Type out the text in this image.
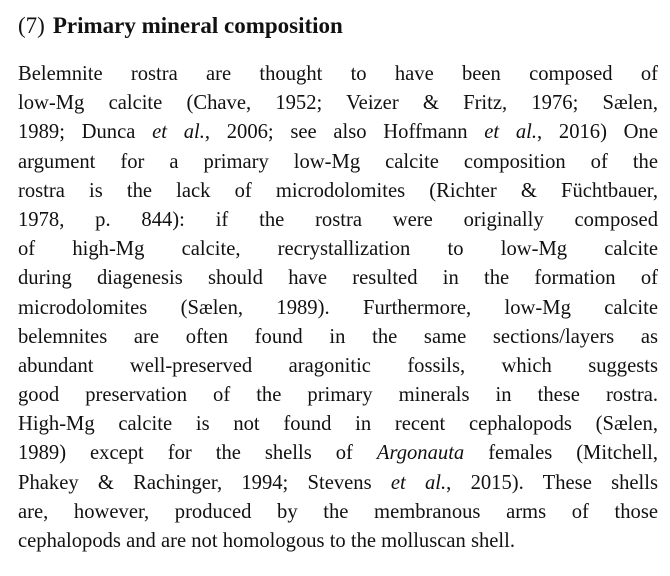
(7) Primary mineral composition

Belemnite rostra are thought to have been composed of
low-Mg calcite (Chave, 1952; Veizer & Fritz, 1976; Sælen,
1989; Dunca et al., 2006; see also Hoffmann et al., 2016) One
argument for a primary low-Mg calcite composition of the
rostra is the lack of microdolomites (Richter & Füchtbauer,
1978, p. 844): if the rostra were originally composed
of high-Mg calcite, recrystallization to low-Mg calcite
during diagenesis should have resulted in the formation of
microdolomites (Sælen, 1989). Furthermore, low-Mg calcite
belemnites are often found in the same sections/layers as
abundant well-preserved aragonitic fossils, which suggests
good preservation of the primary minerals in these rostra.
High-Mg calcite is not found in recent cephalopods (Sælen,
1989) except for the shells of Argonauta females (Mitchell,
Phakey & Rachinger, 1994; Stevens et al., 2015). These shells
are, however, produced by the membranous arms of those
cephalopods and are not homologous to the molluscan shell.
